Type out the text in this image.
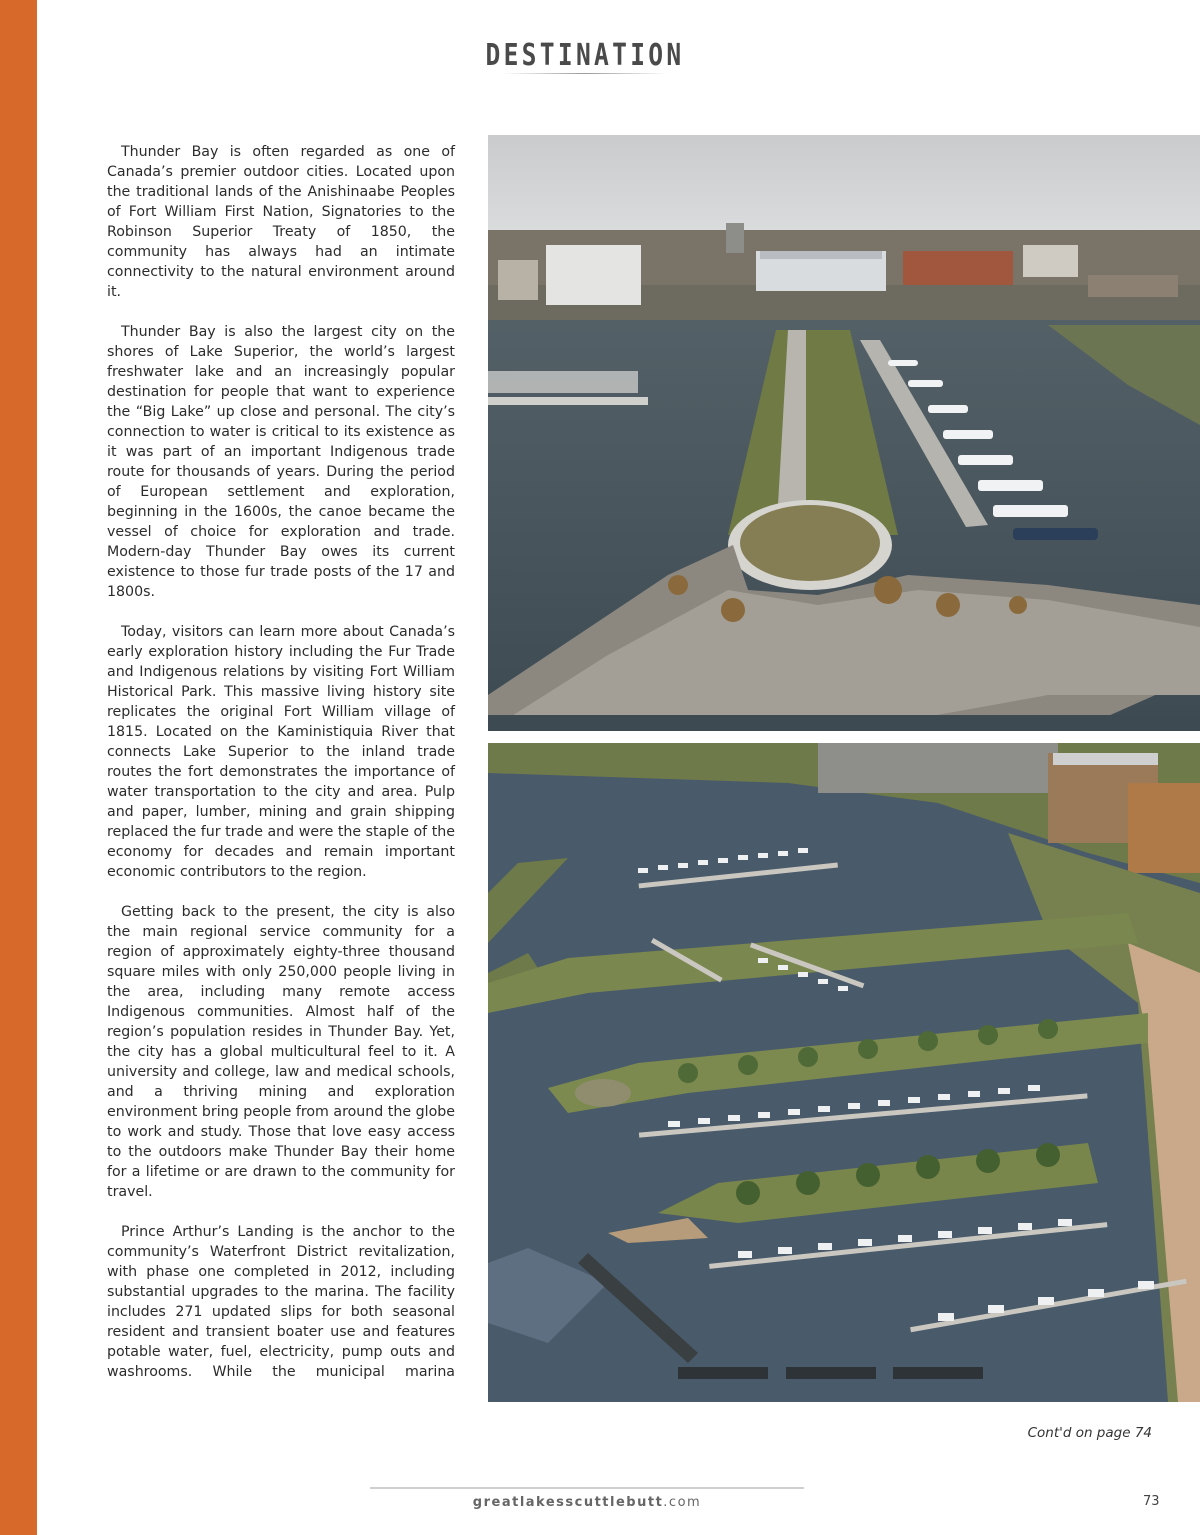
DESTINATION

Thunder Bay is often regarded as one of Canada’s premier outdoor cities. Located upon the traditional lands of the Anishinaabe Peoples of Fort William First Nation, Signatories to the Robinson Superior Treaty of 1850, the community has always had an intimate connectivity to the natural environment around it.

Thunder Bay is also the largest city on the shores of Lake Superior, the world’s largest freshwater lake and an increasingly popular destination for people that want to experience the “Big Lake” up close and personal. The city’s connection to water is critical to its existence as it was part of an important Indigenous trade route for thousands of years. During the period of European settlement and exploration, beginning in the 1600s, the canoe became the vessel of choice for exploration and trade. Modern-day Thunder Bay owes its current existence to those fur trade posts of the 17 and 1800s.

Today, visitors can learn more about Canada’s early exploration history including the Fur Trade and Indigenous relations by visiting Fort William Historical Park. This massive living history site replicates the original Fort William village of 1815. Located on the Kaministiquia River that connects Lake Superior to the inland trade routes the fort demonstrates the importance of water transportation to the city and area. Pulp and paper, lumber, mining and grain shipping replaced the fur trade and were the staple of the economy for decades and remain important economic contributors to the region.

Getting back to the present, the city is also the main regional service community for a region of approximately eighty-three thousand square miles with only 250,000 people living in the area, including many remote access Indigenous communities. Almost half of the region’s population resides in Thunder Bay. Yet, the city has a global multicultural feel to it. A university and college, law and medical schools, and a thriving mining and exploration environment bring people from around the globe to work and study. Those that love easy access to the outdoors make Thunder Bay their home for a lifetime or are drawn to the community for travel.

Prince Arthur’s Landing is the anchor to the community’s Waterfront District revitalization, with phase one completed in 2012, including substantial upgrades to the marina. The facility includes 271 updated slips for both seasonal resident and transient boater use and features potable water, fuel, electricity, pump outs and washrooms. While the municipal marina

Cont'd on page 74
greatlakesscuttlebutt.com	73
